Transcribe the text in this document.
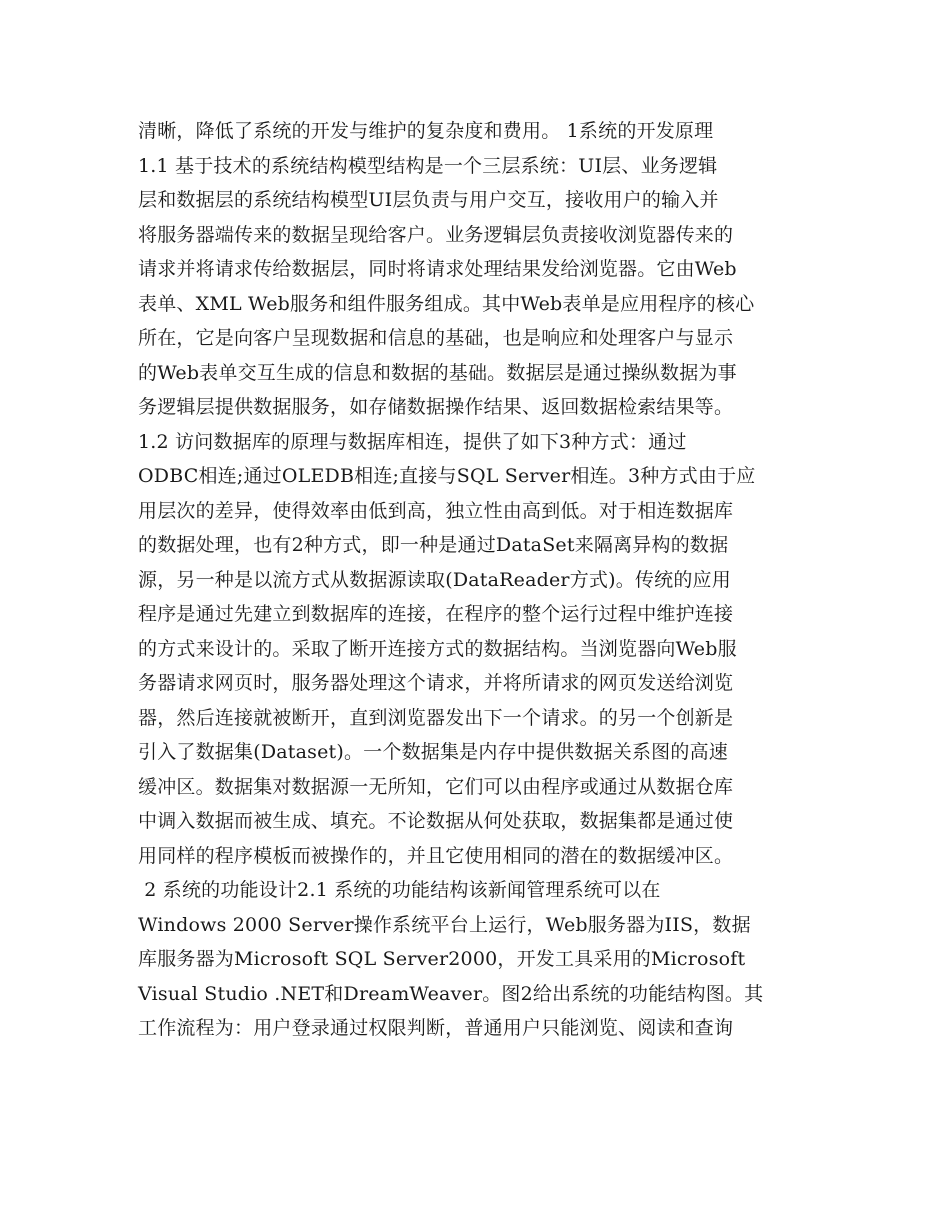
清晰，降低了系统的开发与维护的复杂度和费用。 1系统的开发原理
1.1 基于技术的系统结构模型结构是一个三层系统：UI层、业务逻辑
层和数据层的系统结构模型UI层负责与用户交互，接收用户的输入并
将服务器端传来的数据呈现给客户。业务逻辑层负责接收浏览器传来的
请求并将请求传给数据层，同时将请求处理结果发给浏览器。它由Web
表单、XML Web服务和组件服务组成。其中Web表单是应用程序的核心
所在，它是向客户呈现数据和信息的基础，也是响应和处理客户与显示
的Web表单交互生成的信息和数据的基础。数据层是通过操纵数据为事
务逻辑层提供数据服务，如存储数据操作结果、返回数据检索结果等。
1.2 访问数据库的原理与数据库相连，提供了如下3种方式：通过
ODBC相连;通过OLEDB相连;直接与SQL Server相连。3种方式由于应
用层次的差异，使得效率由低到高，独立性由高到低。对于相连数据库
的数据处理，也有2种方式，即一种是通过DataSet来隔离异构的数据
源，另一种是以流方式从数据源读取(DataReader方式)。传统的应用
程序是通过先建立到数据库的连接，在程序的整个运行过程中维护连接
的方式来设计的。采取了断开连接方式的数据结构。当浏览器向Web服
务器请求网页时，服务器处理这个请求，并将所请求的网页发送给浏览
器，然后连接就被断开，直到浏览器发出下一个请求。的另一个创新是
引入了数据集(Dataset)。一个数据集是内存中提供数据关系图的高速
缓冲区。数据集对数据源一无所知，它们可以由程序或通过从数据仓库
中调入数据而被生成、填充。不论数据从何处获取，数据集都是通过使
用同样的程序模板而被操作的，并且它使用相同的潜在的数据缓冲区。
2 系统的功能设计2.1 系统的功能结构该新闻管理系统可以在
Windows 2000 Server操作系统平台上运行，Web服务器为IIS，数据
库服务器为Microsoft SQL Server2000，开发工具采用的Microsoft
Visual Studio .NET和DreamWeaver。图2给出系统的功能结构图。其
工作流程为：用户登录通过权限判断，普通用户只能浏览、阅读和查询
